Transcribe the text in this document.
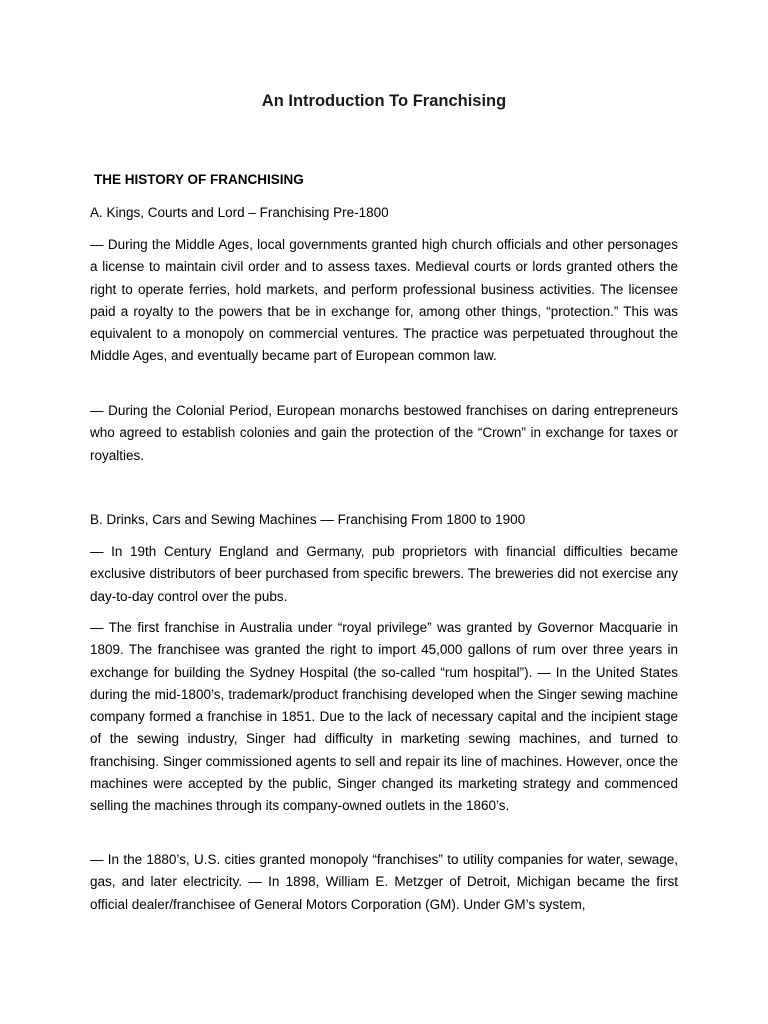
An Introduction To Franchising
THE HISTORY OF FRANCHISING
A. Kings, Courts and Lord – Franchising Pre-1800

— During the Middle Ages, local governments granted high church officials and other personages a license to maintain civil order and to assess taxes. Medieval courts or lords granted others the right to operate ferries, hold markets, and perform professional business activities. The licensee paid a royalty to the powers that be in exchange for, among other things, “protection.” This was equivalent to a monopoly on commercial ventures. The practice was perpetuated throughout the Middle Ages, and eventually became part of European common law.

— During the Colonial Period, European monarchs bestowed franchises on daring entrepreneurs who agreed to establish colonies and gain the protection of the “Crown” in exchange for taxes or royalties.

B. Drinks, Cars and Sewing Machines — Franchising From 1800 to 1900

— In 19th Century England and Germany, pub proprietors with financial difficulties became exclusive distributors of beer purchased from specific brewers. The breweries did not exercise any day-to-day control over the pubs.

— The first franchise in Australia under “royal privilege” was granted by Governor Macquarie in 1809. The franchisee was granted the right to import 45,000 gallons of rum over three years in exchange for building the Sydney Hospital (the so-called “rum hospital”). — In the United States during the mid-1800’s, trademark/product franchising developed when the Singer sewing machine company formed a franchise in 1851. Due to the lack of necessary capital and the incipient stage of the sewing industry, Singer had difficulty in marketing sewing machines, and turned to franchising. Singer commissioned agents to sell and repair its line of machines. However, once the machines were accepted by the public, Singer changed its marketing strategy and commenced selling the machines through its company-owned outlets in the 1860’s.

— In the 1880’s, U.S. cities granted monopoly “franchises” to utility companies for water, sewage, gas, and later electricity. — In 1898, William E. Metzger of Detroit, Michigan became the first official dealer/franchisee of General Motors Corporation (GM). Under GM’s system,
